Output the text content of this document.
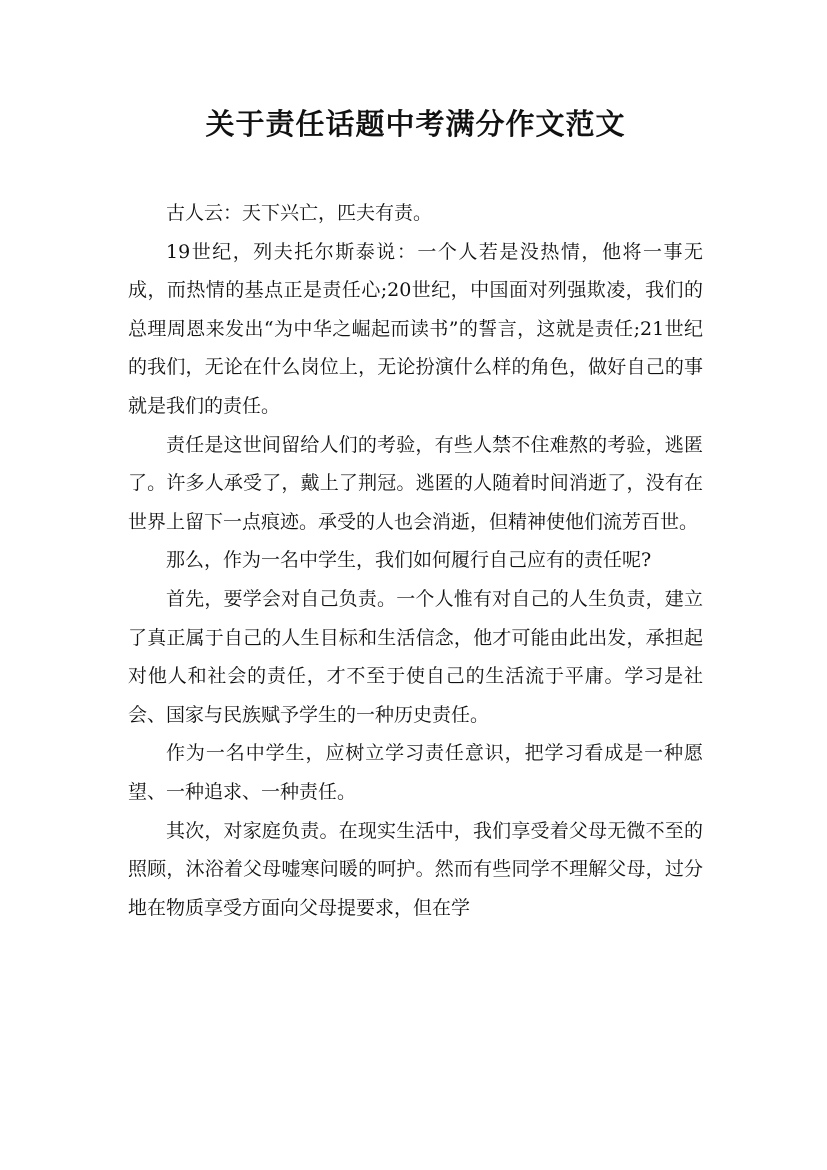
关于责任话题中考满分作文范文

古人云：天下兴亡，匹夫有责。

19世纪，列夫托尔斯泰说：一个人若是没热情，他将一事无成，而热情的基点正是责任心;20世纪，中国面对列强欺凌，我们的总理周恩来发出“为中华之崛起而读书”的誓言，这就是责任;21世纪的我们，无论在什么岗位上，无论扮演什么样的角色，做好自己的事就是我们的责任。

责任是这世间留给人们的考验，有些人禁不住难熬的考验，逃匿了。许多人承受了，戴上了荆冠。逃匿的人随着时间消逝了，没有在世界上留下一点痕迹。承受的人也会消逝，但精神使他们流芳百世。

那么，作为一名中学生，我们如何履行自己应有的责任呢?

首先，要学会对自己负责。一个人惟有对自己的人生负责，建立了真正属于自己的人生目标和生活信念，他才可能由此出发，承担起对他人和社会的责任，才不至于使自己的生活流于平庸。学习是社会、国家与民族赋予学生的一种历史责任。

作为一名中学生，应树立学习责任意识，把学习看成是一种愿望、一种追求、一种责任。

其次，对家庭负责。在现实生活中，我们享受着父母无微不至的照顾，沐浴着父母嘘寒问暖的呵护。然而有些同学不理解父母，过分地在物质享受方面向父母提要求，但在学
